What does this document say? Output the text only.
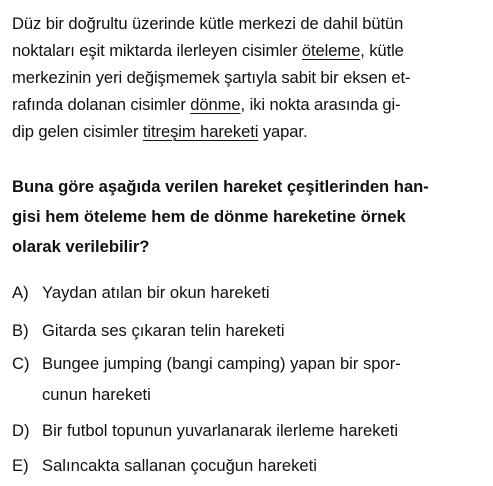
Düz bir doğrultu üzerinde kütle merkezi de dahil bütün
noktaları eşit miktarda ilerleyen cisimler öteleme, kütle
merkezinin yeri değişmemek şartıyla sabit bir eksen et-
rafında dolanan cisimler dönme, iki nokta arasında gi-
dip gelen cisimler titreşim hareketi yapar.
Buna göre aşağıda verilen hareket çeşitlerinden han-
gisi hem öteleme hem de dönme hareketine örnek
olarak verilebilir?
A) Yaydan atılan bir okun hareketi
B) Gitarda ses çıkaran telin hareketi
C) Bungee jumping (bangi camping) yapan bir spor-
cunun hareketi
D) Bir futbol topunun yuvarlanarak ilerleme hareketi
E) Salıncakta sallanan çocuğun hareketi
